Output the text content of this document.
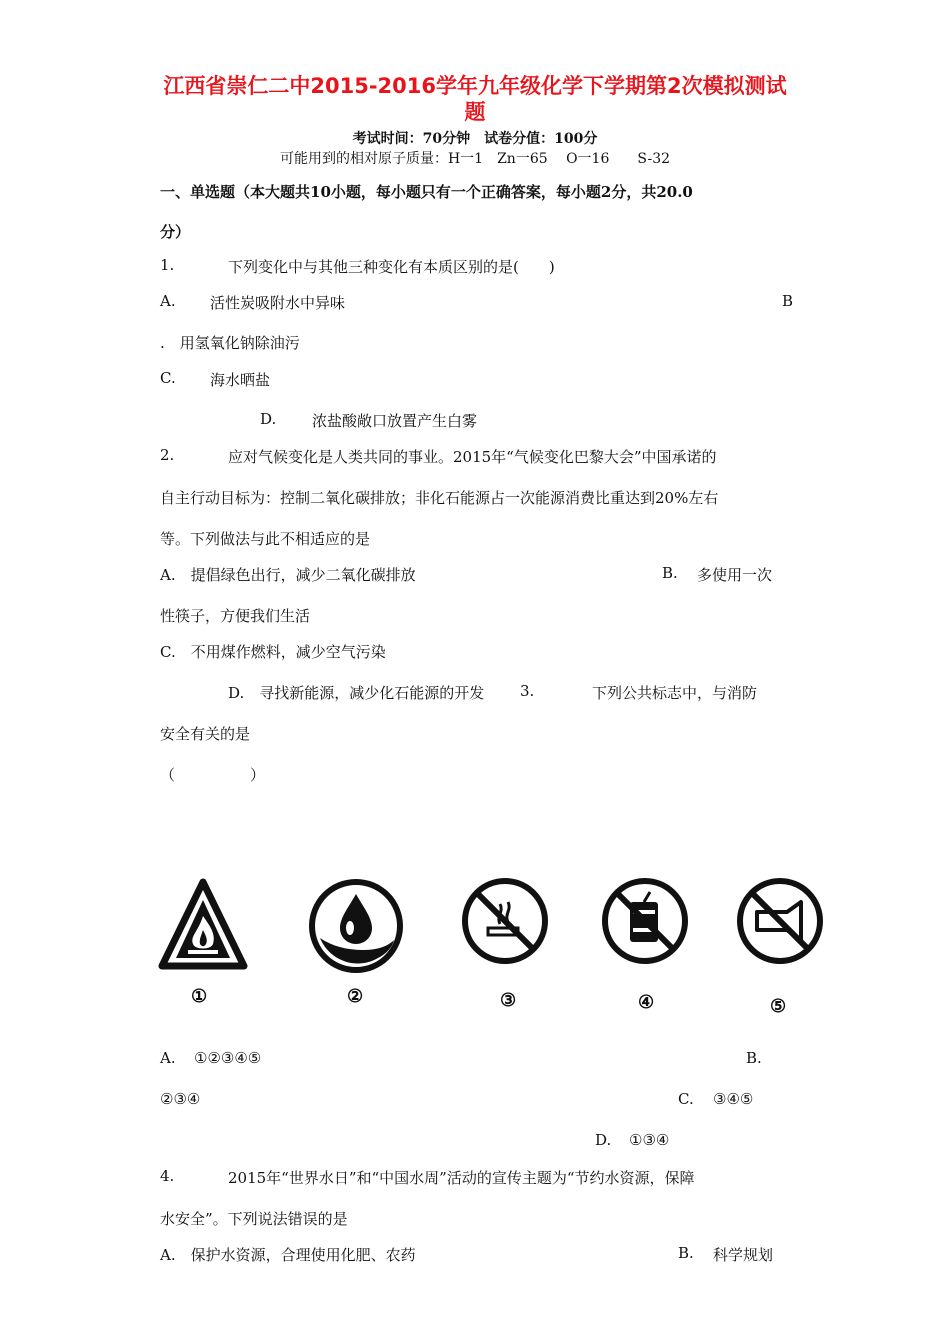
江西省崇仁二中2015-2016学年九年级化学下学期第2次模拟测试
题
考试时间：70分钟　试卷分值：100分
可能用到的相对原子质量：H一1　Zn一65　 O一16　　S-32
一、单选题（本大题共10小题，每小题只有一个正确答案，每小题2分，共20.0
分）
1.	下列变化中与其他三种变化有本质区别的是(　　)
A. 活性炭吸附水中异味	B
.　用氢氧化钠除油污
C. 海水晒盐
D. 浓盐酸敞口放置产生白雾
2.	应对气候变化是人类共同的事业。2015年“气候变化巴黎大会”中国承诺的
自主行动目标为：控制二氧化碳排放；非化石能源占一次能源消费比重达到20%左右
等。下列做法与此不相适应的是
A.　提倡绿色出行，减少二氧化碳排放	B. 多使用一次
性筷子，方便我们生活
C.　不用煤作燃料，减少空气污染
D.　寻找新能源，减少化石能源的开发 3.	下列公共标志中，与消防
安全有关的是
（　　　　　）
①	②	③	④	⑤
A. ①②③④⑤	B.
②③④	C. ③④⑤
D. ①③④
4.	2015年“世界水日”和“中国水周”活动的宣传主题为“节约水资源，保障
水安全”。下列说法错误的是
A.　保护水资源，合理使用化肥、农药	B. 科学规划
